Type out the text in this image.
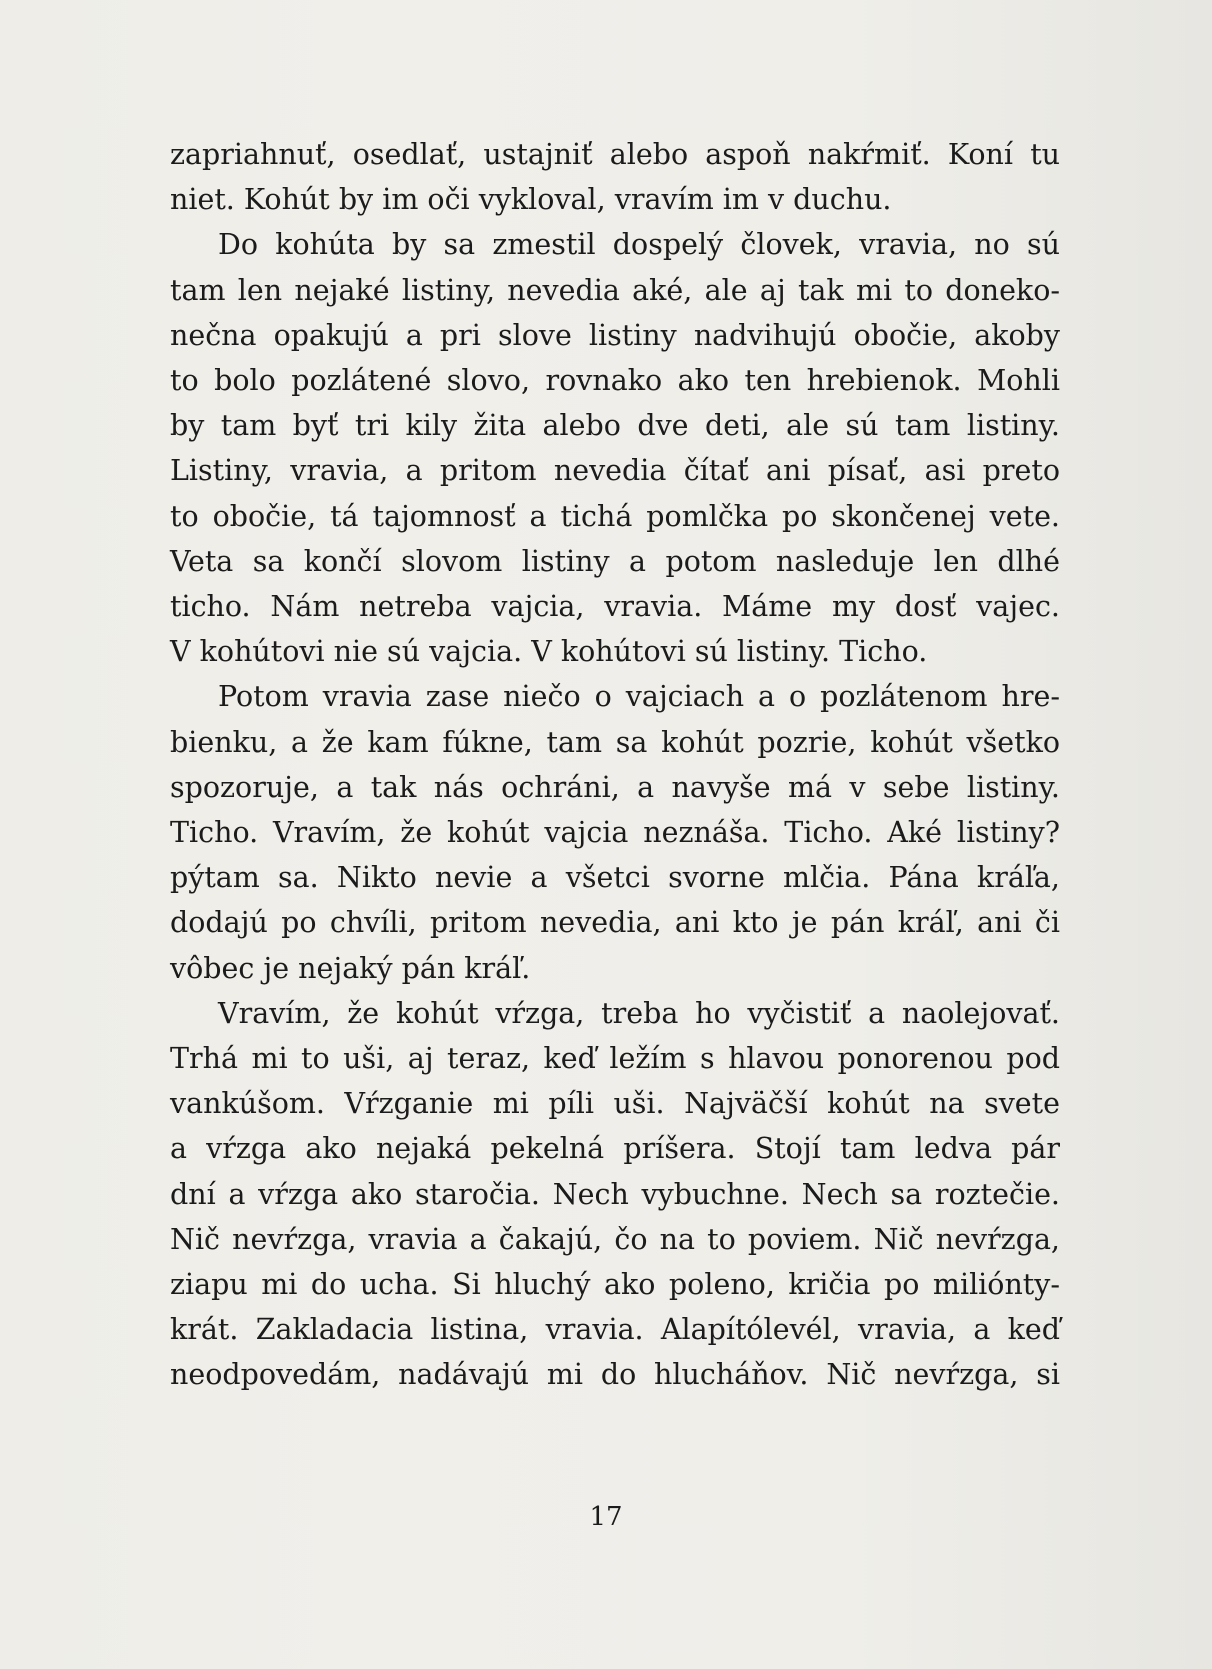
zapriahnuť, osedlať, ustajniť alebo aspoň nakŕmiť. Koní tu
niet. Kohút by im oči vykloval, vravím im v duchu.
Do kohúta by sa zmestil dospelý človek, vravia, no sú
tam len nejaké listiny, nevedia aké, ale aj tak mi to doneko-
nečna opakujú a pri slove listiny nadvihujú obočie, akoby
to bolo pozlátené slovo, rovnako ako ten hrebienok. Mohli
by tam byť tri kily žita alebo dve deti, ale sú tam listiny.
Listiny, vravia, a pritom nevedia čítať ani písať, asi preto
to obočie, tá tajomnosť a tichá pomlčka po skončenej vete.
Veta sa končí slovom listiny a potom nasleduje len dlhé
ticho. Nám netreba vajcia, vravia. Máme my dosť vajec.
V kohútovi nie sú vajcia. V kohútovi sú listiny. Ticho.
Potom vravia zase niečo o vajciach a o pozlátenom hre-
bienku, a že kam fúkne, tam sa kohút pozrie, kohút všetko
spozoruje, a tak nás ochráni, a navyše má v sebe listiny.
Ticho. Vravím, že kohút vajcia neznáša. Ticho. Aké listiny?
pýtam sa. Nikto nevie a všetci svorne mlčia. Pána kráľa,
dodajú po chvíli, pritom nevedia, ani kto je pán kráľ, ani či
vôbec je nejaký pán kráľ.
Vravím, že kohút vŕzga, treba ho vyčistiť a naolejovať.
Trhá mi to uši, aj teraz, keď ležím s hlavou ponorenou pod
vankúšom. Vŕzganie mi píli uši. Najväčší kohút na svete
a vŕzga ako nejaká pekelná príšera. Stojí tam ledva pár
dní a vŕzga ako staročia. Nech vybuchne. Nech sa roztečie.
Nič nevŕzga, vravia a čakajú, čo na to poviem. Nič nevŕzga,
ziapu mi do ucha. Si hluchý ako poleno, kričia po miliónty-
krát. Zakladacia listina, vravia. Alapítólevél, vravia, a keď
neodpovedám, nadávajú mi do hlucháňov. Nič nevŕzga, si
17
